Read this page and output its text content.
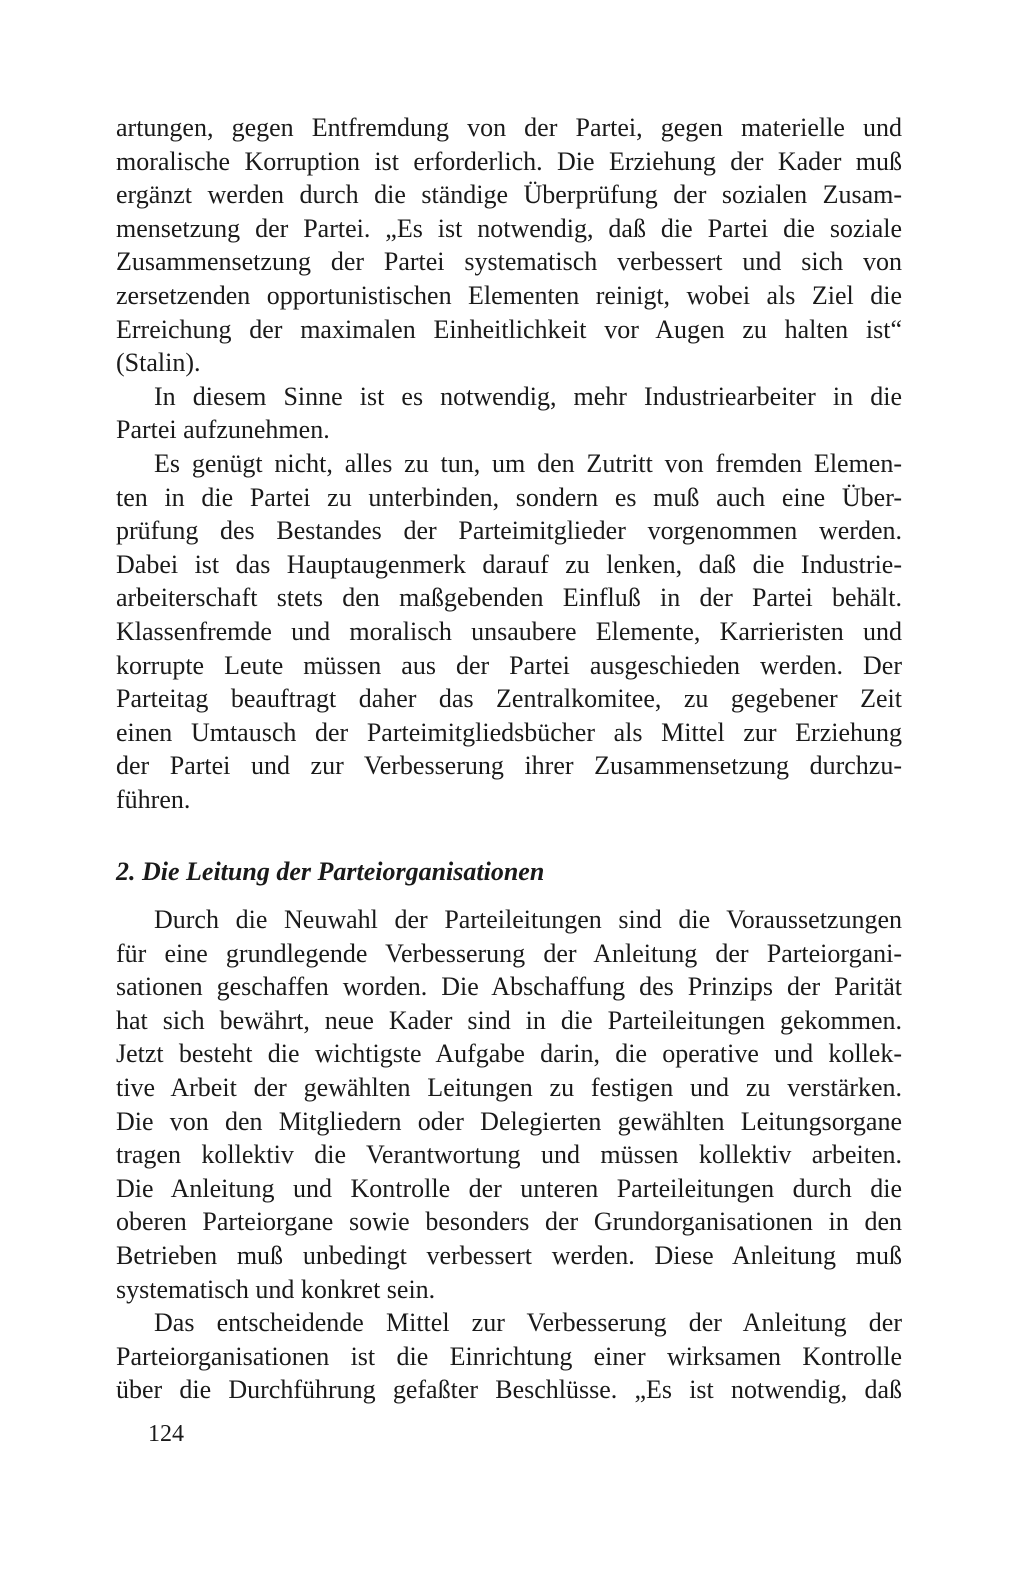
artungen, gegen Entfremdung von der Partei, gegen materielle und
moralische Korruption ist erforderlich. Die Erziehung der Kader muß
ergänzt werden durch die ständige Überprüfung der sozialen Zusam-
mensetzung der Partei. „Es ist notwendig, daß die Partei die soziale
Zusammensetzung der Partei systematisch verbessert und sich von
zersetzenden opportunistischen Elementen reinigt, wobei als Ziel die
Erreichung der maximalen Einheitlichkeit vor Augen zu halten ist“
(Stalin).
In diesem Sinne ist es notwendig, mehr Industriearbeiter in die
Partei aufzunehmen.
Es genügt nicht, alles zu tun, um den Zutritt von fremden Elemen-
ten in die Partei zu unterbinden, sondern es muß auch eine Über-
prüfung des Bestandes der Parteimitglieder vorgenommen werden.
Dabei ist das Hauptaugenmerk darauf zu lenken, daß die Industrie-
arbeiterschaft stets den maßgebenden Einfluß in der Partei behält.
Klassenfremde und moralisch unsaubere Elemente, Karrieristen und
korrupte Leute müssen aus der Partei ausgeschieden werden. Der
Parteitag beauftragt daher das Zentralkomitee, zu gegebener Zeit
einen Umtausch der Parteimitgliedsbücher als Mittel zur Erziehung
der Partei und zur Verbesserung ihrer Zusammensetzung durchzu-
führen.
2. Die Leitung der Parteiorganisationen
Durch die Neuwahl der Parteileitungen sind die Voraussetzungen
für eine grundlegende Verbesserung der Anleitung der Parteiorgani-
sationen geschaffen worden. Die Abschaffung des Prinzips der Parität
hat sich bewährt, neue Kader sind in die Parteileitungen gekommen.
Jetzt besteht die wichtigste Aufgabe darin, die operative und kollek-
tive Arbeit der gewählten Leitungen zu festigen und zu verstärken.
Die von den Mitgliedern oder Delegierten gewählten Leitungsorgane
tragen kollektiv die Verantwortung und müssen kollektiv arbeiten.
Die Anleitung und Kontrolle der unteren Parteileitungen durch die
oberen Parteiorgane sowie besonders der Grundorganisationen in den
Betrieben muß unbedingt verbessert werden. Diese Anleitung muß
systematisch und konkret sein.
Das entscheidende Mittel zur Verbesserung der Anleitung der
Parteiorganisationen ist die Einrichtung einer wirksamen Kontrolle
über die Durchführung gefaßter Beschlüsse. „Es ist notwendig, daß
124
